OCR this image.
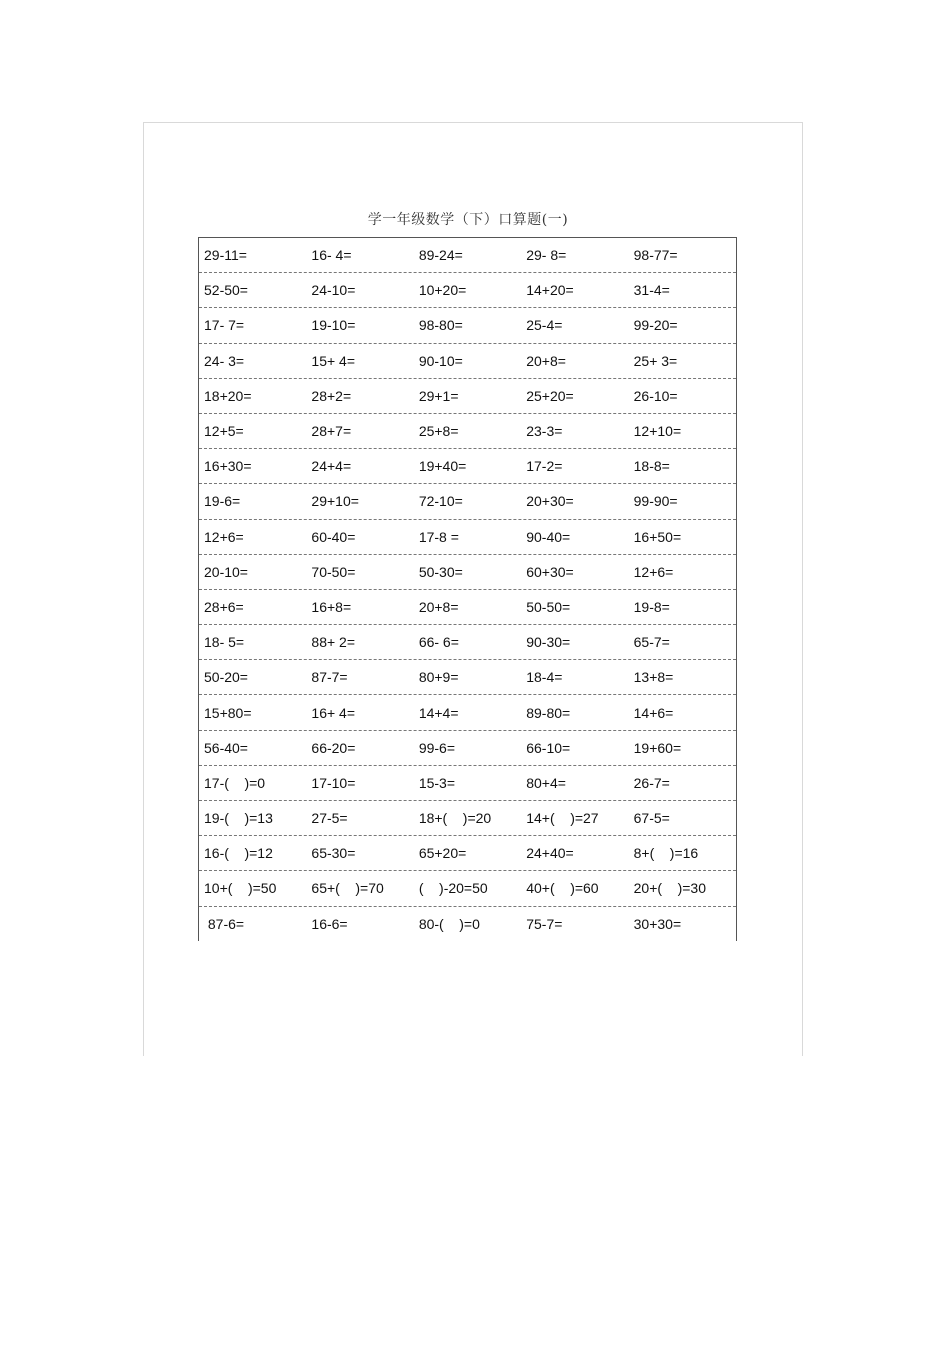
学一年级数学（下）口算题(一)
29-11=	16- 4=	89-24=	29- 8=	98-77=
52-50=	24-10=	10+20=	14+20=	31-4=
17- 7=	19-10=	98-80=	25-4=	99-20=
24- 3=	15+ 4=	90-10=	20+8=	25+ 3=
18+20=	28+2=	29+1=	25+20=	26-10=
12+5=	28+7=	25+8=	23-3=	12+10=
16+30=	24+4=	19+40=	17-2=	18-8=
19-6=	29+10=	72-10=	20+30=	99-90=
12+6=	60-40=	17-8 =	90-40=	16+50=
20-10=	70-50=	50-30=	60+30=	12+6=
28+6=	16+8=	20+8=	50-50=	19-8=
18- 5=	88+ 2=	66- 6=	90-30=	65-7=
50-20=	87-7=	80+9=	18-4=	13+8=
15+80=	16+ 4=	14+4=	89-80=	14+6=
56-40=	66-20=	99-6=	66-10=	19+60=
17-(    )=0	17-10=	15-3=	80+4=	26-7=
19-(    )=13	27-5=	18+(    )=20	14+(    )=27	67-5=
16-(    )=12	65-30=	65+20=	24+40=	8+(    )=16
10+(    )=50	65+(    )=70	(    )-20=50	40+(    )=60	20+(    )=30
87-6=	16-6=	80-(    )=0	75-7=	30+30=
